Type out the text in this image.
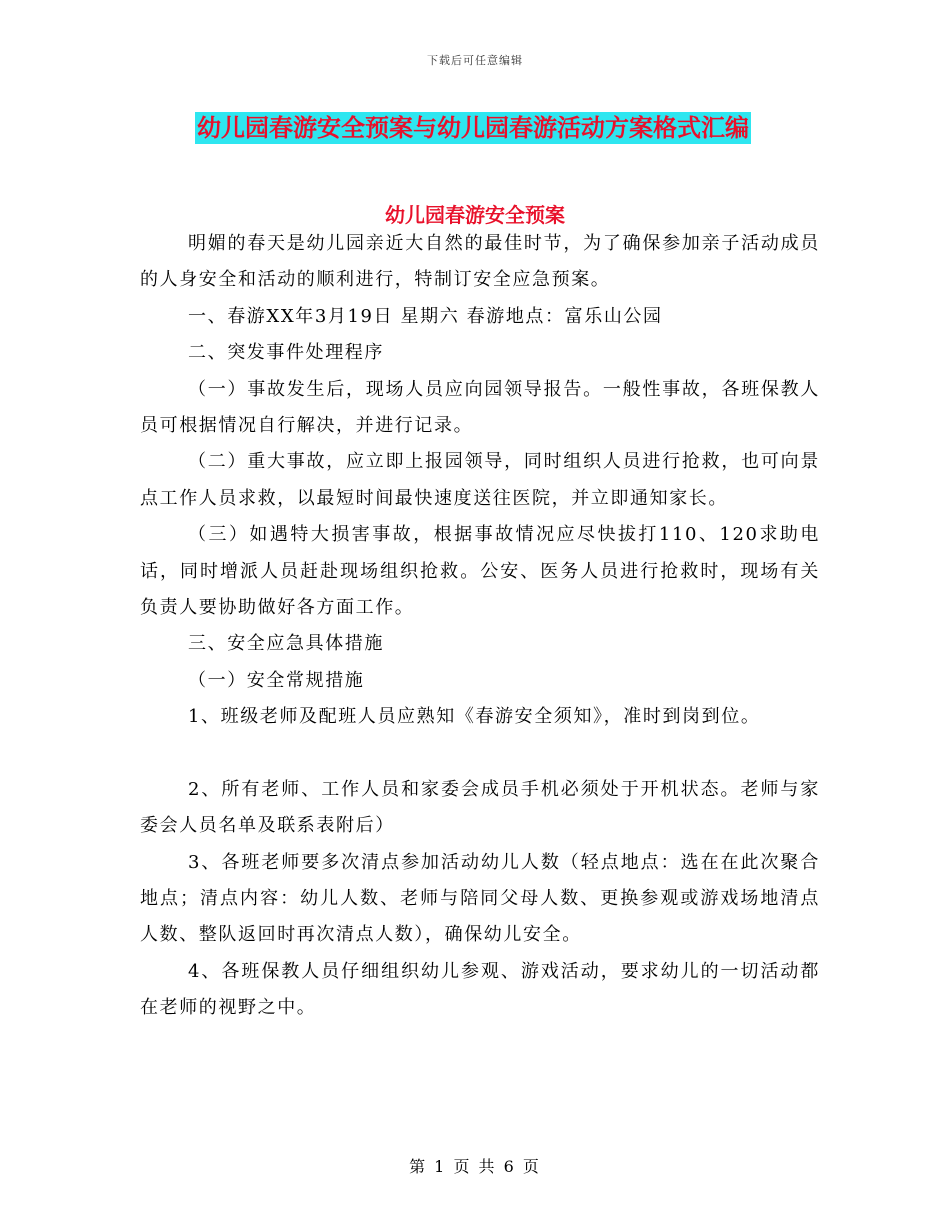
下载后可任意编辑
幼儿园春游安全预案与幼儿园春游活动方案格式汇编
幼儿园春游安全预案

明媚的春天是幼儿园亲近大自然的最佳时节，为了确保参加亲子活动成员的人身安全和活动的顺利进行，特制订安全应急预案。

一、春游XX年3月19日 星期六 春游地点：富乐山公园

二、突发事件处理程序

（一）事故发生后，现场人员应向园领导报告。一般性事故，各班保教人员可根据情况自行解决，并进行记录。

（二）重大事故，应立即上报园领导，同时组织人员进行抢救，也可向景点工作人员求救，以最短时间最快速度送往医院，并立即通知家长。

（三）如遇特大损害事故，根据事故情况应尽快拔打110、120求助电话，同时增派人员赶赴现场组织抢救。公安、医务人员进行抢救时，现场有关负责人要协助做好各方面工作。

三、安全应急具体措施

（一）安全常规措施

1、班级老师及配班人员应熟知《春游安全须知》，准时到岗到位。

2、所有老师、工作人员和家委会成员手机必须处于开机状态。老师与家委会人员名单及联系表附后）

3、各班老师要多次清点参加活动幼儿人数（轻点地点：选在在此次聚合地点；清点内容：幼儿人数、老师与陪同父母人数、更换参观或游戏场地清点人数、整队返回时再次清点人数），确保幼儿安全。

4、各班保教人员仔细组织幼儿参观、游戏活动，要求幼儿的一切活动都在老师的视野之中。

第 1 页 共 6 页
